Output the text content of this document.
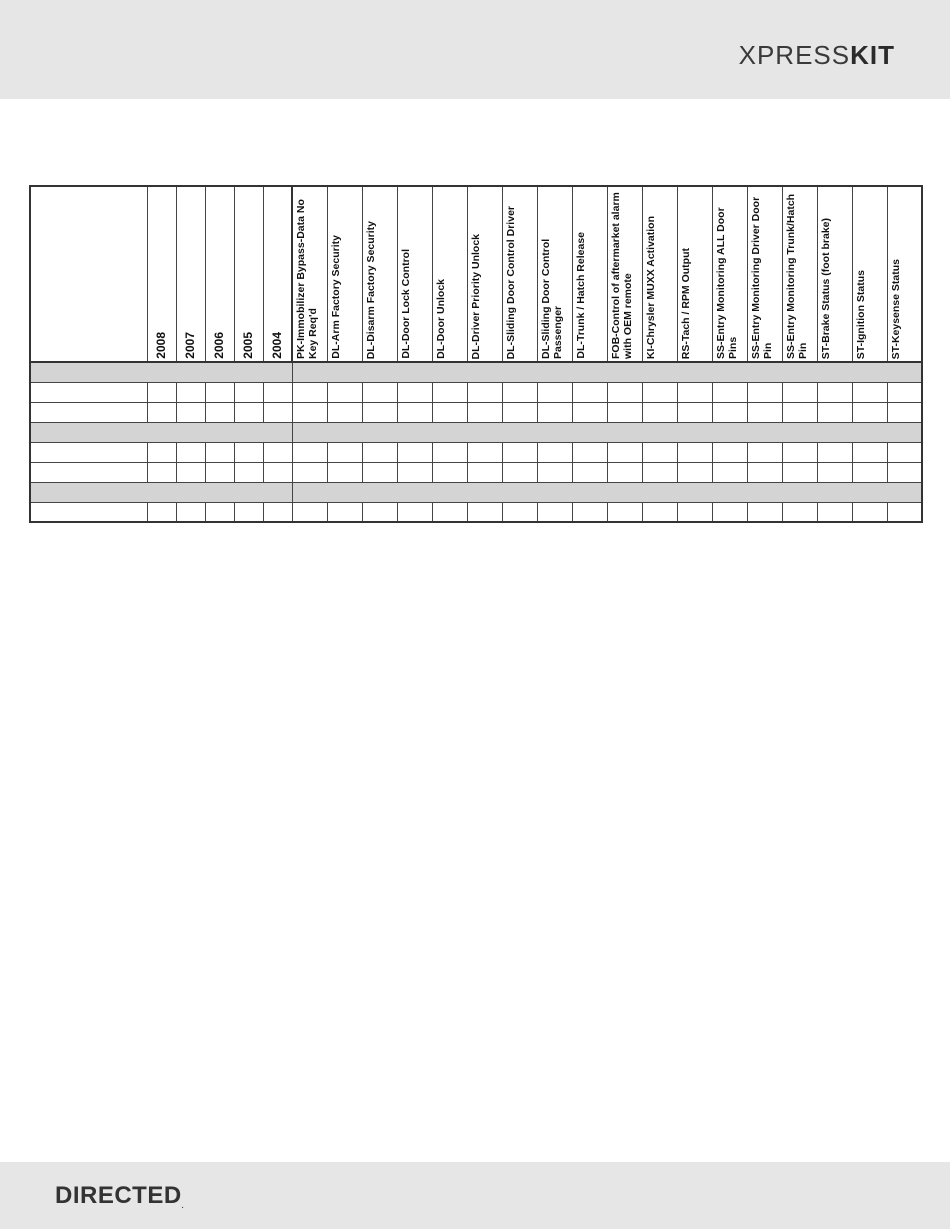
XPRESSKIT

	2008	2007	2006	2005	2004	PK-Immobilizer Bypass-Data No Key Req'd	DL-Arm Factory Security	DL-Disarm Factory Security	DL-Door Lock Control	DL-Door Unlock	DL-Driver Priority Unlock	DL-Sliding Door Control Driver	DL-Sliding Door Control Passenger	DL-Trunk / Hatch Release	FOB-Control of aftermarket alarm with OEM remote	KI-Chrysler MUXX Activation	RS-Tach / RPM Output	SS-Entry Monitoring ALL Door Pins	SS-Entry Monitoring Driver Door Pin	SS-Entry Monitoring Trunk/Hatch Pin	ST-Brake Status (foot brake)	ST-Ignition Status	ST-Keysense Status

DIRECTED.
